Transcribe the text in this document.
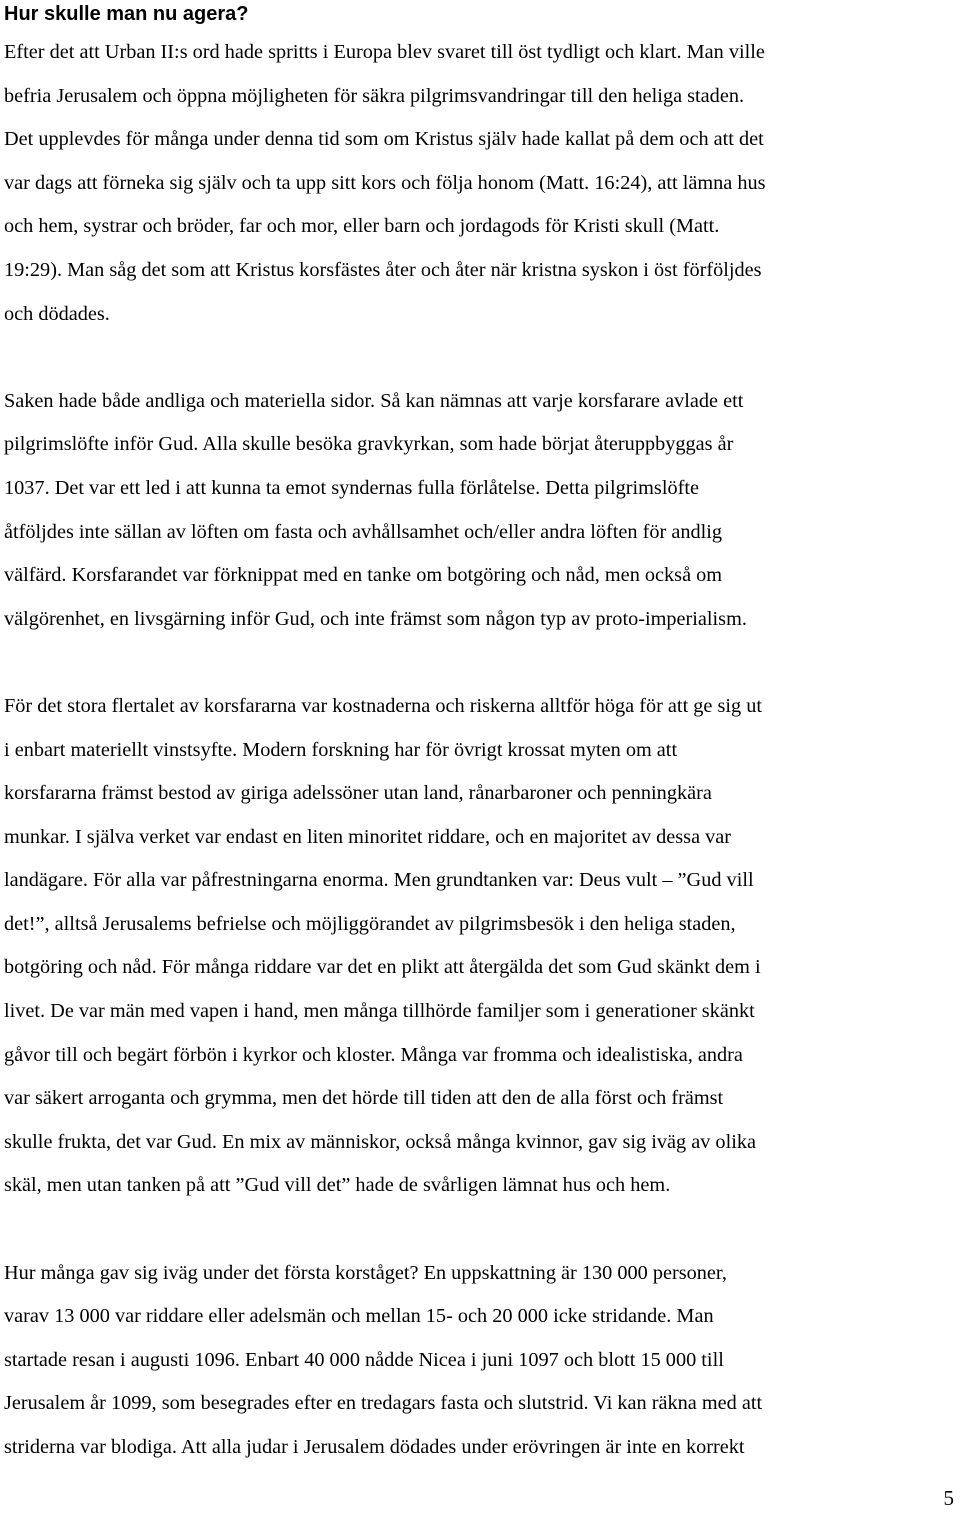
Hur skulle man nu agera?
Efter det att Urban II:s ord hade spritts i Europa blev svaret till öst tydligt och klart. Man ville
befria Jerusalem och öppna möjligheten för säkra pilgrimsvandringar till den heliga staden.
Det upplevdes för många under denna tid som om Kristus själv hade kallat på dem och att det
var dags att förneka sig själv och ta upp sitt kors och följa honom (Matt. 16:24), att lämna hus
och hem, systrar och bröder, far och mor, eller barn och jordagods för Kristi skull (Matt.
19:29). Man såg det som att Kristus korsfästes åter och åter när kristna syskon i öst förföljdes
och dödades.
Saken hade både andliga och materiella sidor. Så kan nämnas att varje korsfarare avlade ett
pilgrimslöfte inför Gud. Alla skulle besöka gravkyrkan, som hade börjat återuppbyggas år
1037. Det var ett led i att kunna ta emot syndernas fulla förlåtelse. Detta pilgrimslöfte
åtföljdes inte sällan av löften om fasta och avhållsamhet och/eller andra löften för andlig
välfärd. Korsfarandet var förknippat med en tanke om botgöring och nåd, men också om
välgörenhet, en livsgärning inför Gud, och inte främst som någon typ av proto-imperialism.
För det stora flertalet av korsfararna var kostnaderna och riskerna alltför höga för att ge sig ut
i enbart materiellt vinstsyfte. Modern forskning har för övrigt krossat myten om att
korsfararna främst bestod av giriga adelssöner utan land, rånarbaroner och penningkära
munkar. I själva verket var endast en liten minoritet riddare, och en majoritet av dessa var
landägare. För alla var påfrestningarna enorma. Men grundtanken var: Deus vult – ”Gud vill
det!”, alltså Jerusalems befrielse och möjliggörandet av pilgrimsbesök i den heliga staden,
botgöring och nåd. För många riddare var det en plikt att återgälda det som Gud skänkt dem i
livet. De var män med vapen i hand, men många tillhörde familjer som i generationer skänkt
gåvor till och begärt förbön i kyrkor och kloster. Många var fromma och idealistiska, andra
var säkert arroganta och grymma, men det hörde till tiden att den de alla först och främst
skulle frukta, det var Gud. En mix av människor, också många kvinnor, gav sig iväg av olika
skäl, men utan tanken på att ”Gud vill det” hade de svårligen lämnat hus och hem.
Hur många gav sig iväg under det första korståget? En uppskattning är 130 000 personer,
varav 13 000 var riddare eller adelsmän och mellan 15- och 20 000 icke stridande. Man
startade resan i augusti 1096. Enbart 40 000 nådde Nicea i juni 1097 och blott 15 000 till
Jerusalem år 1099, som besegrades efter en tredagars fasta och slutstrid. Vi kan räkna med att
striderna var blodiga. Att alla judar i Jerusalem dödades under erövringen är inte en korrekt
5
